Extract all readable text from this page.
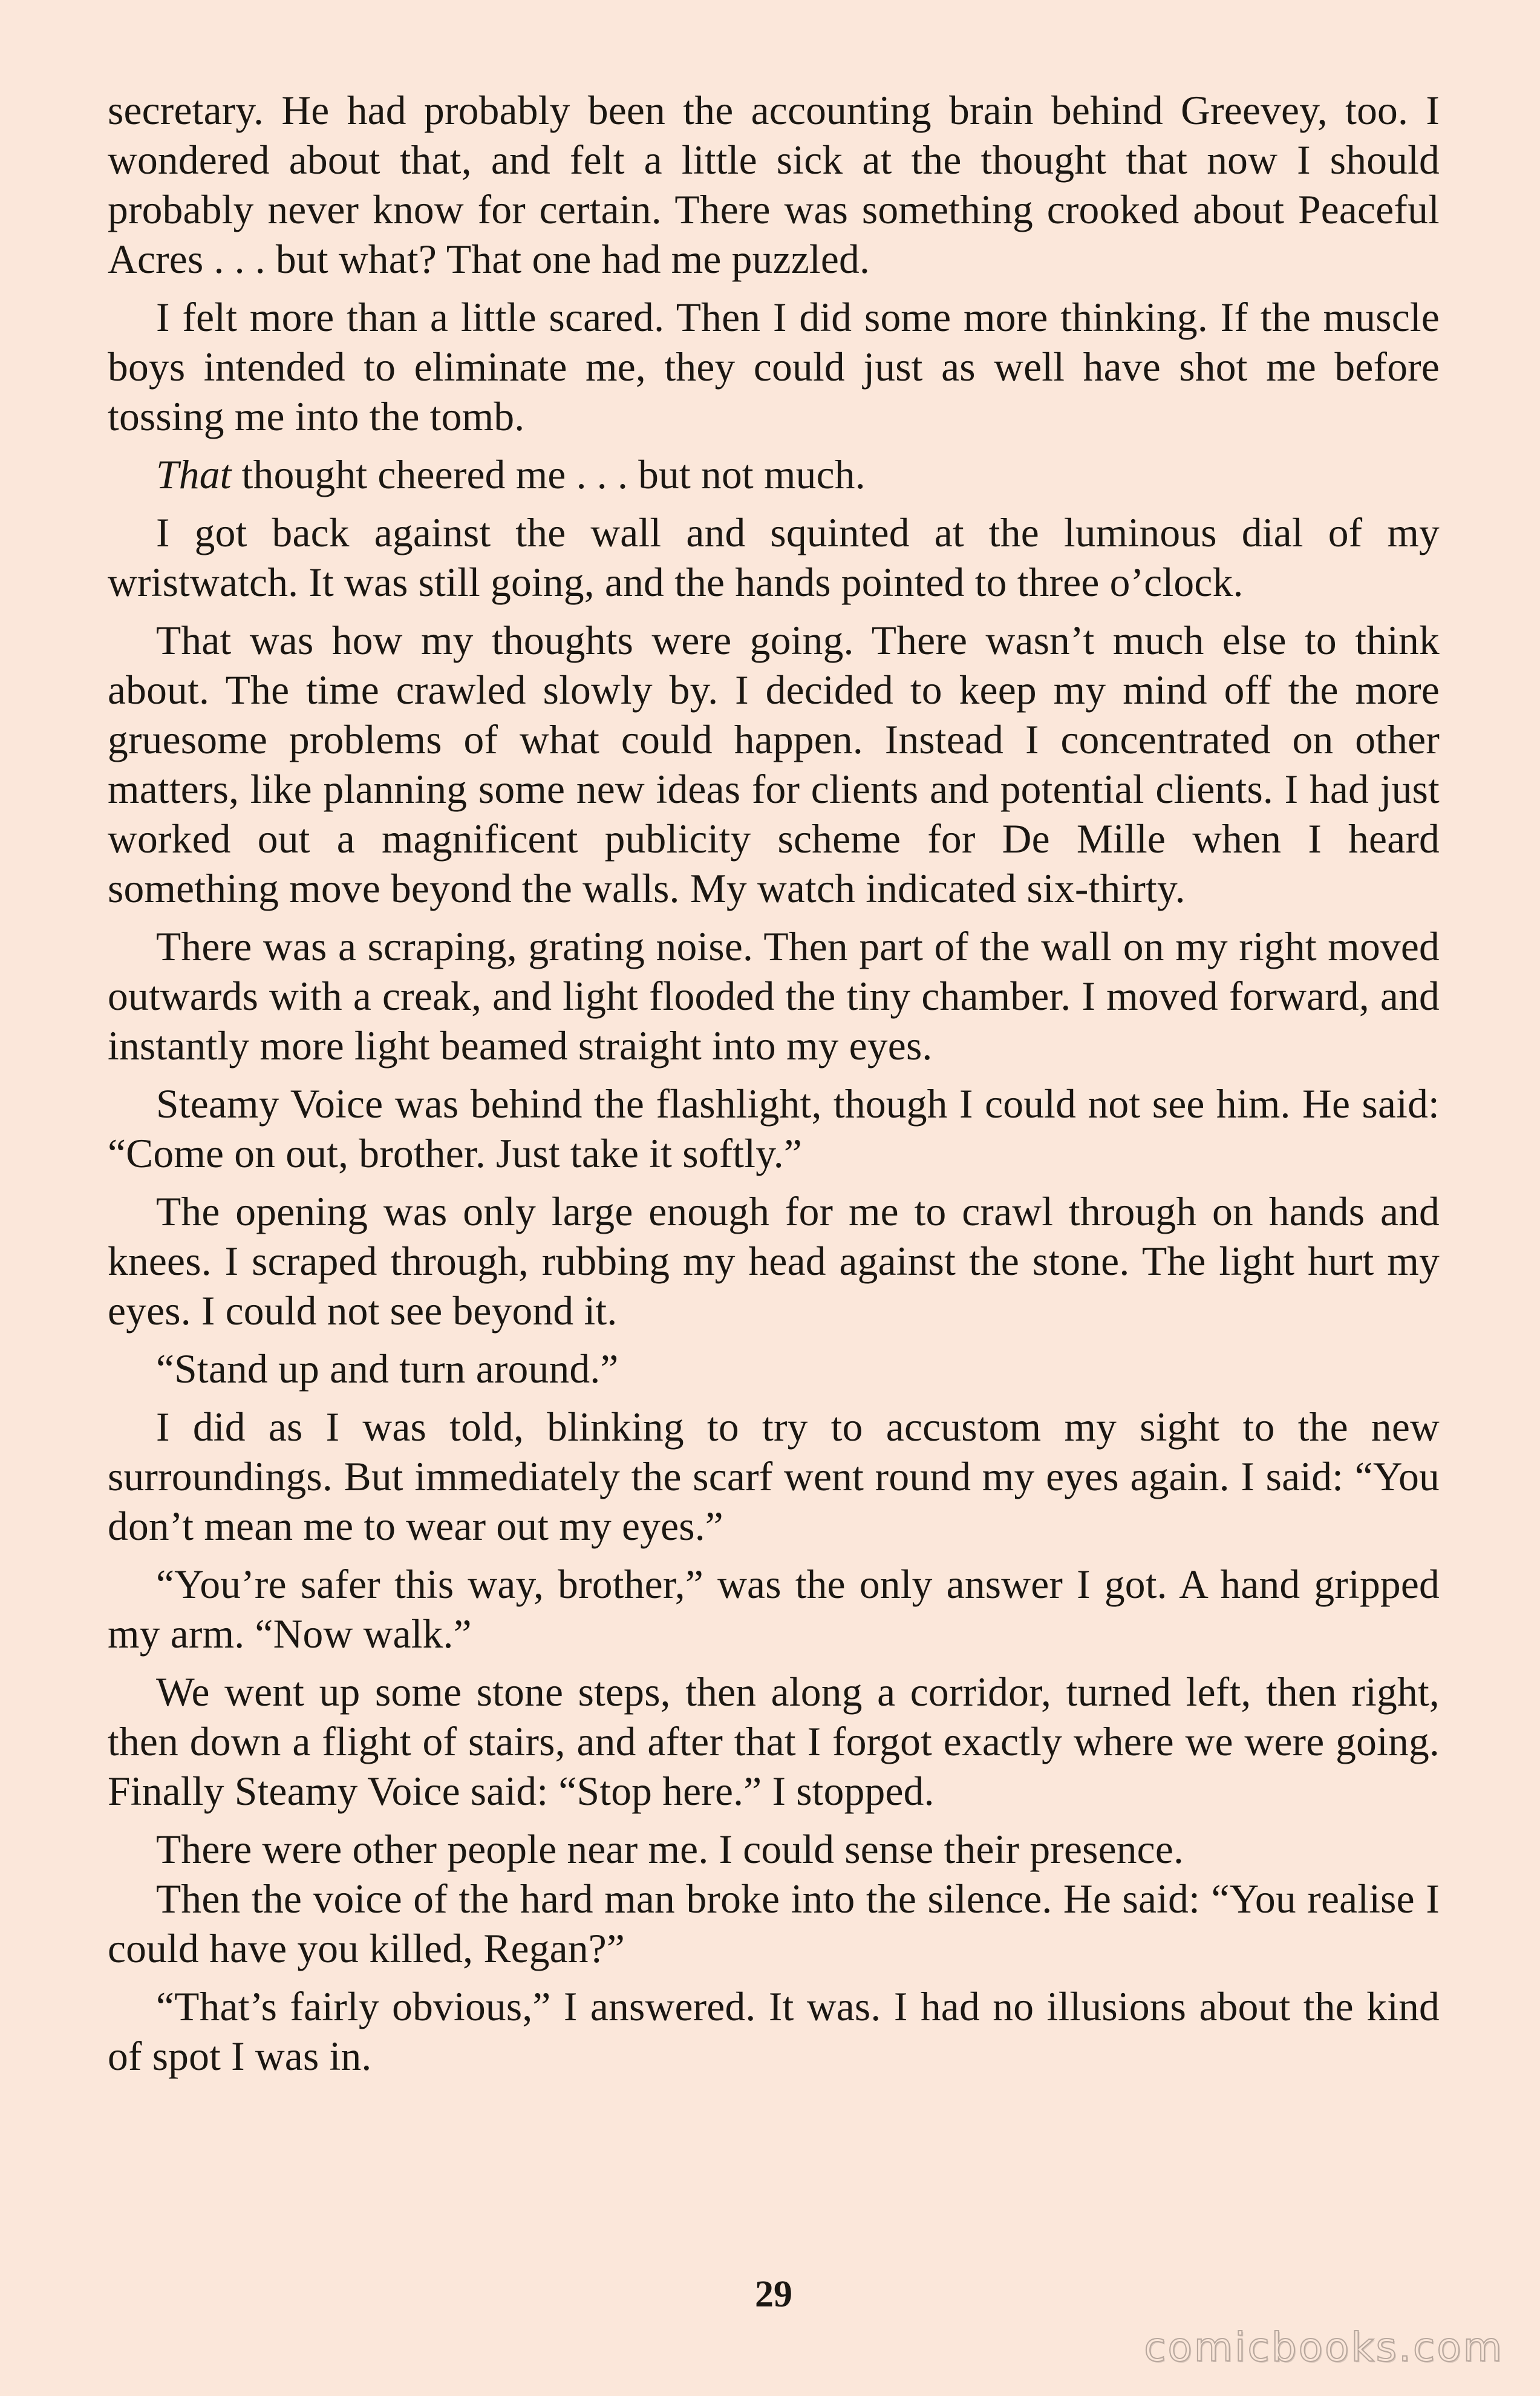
secretary. He had probably been the accounting brain behind Greevey, too. I wondered about that, and felt a little sick at the thought that now I should probably never know for certain. There was something crooked about Peaceful Acres . . . but what? That one had me puzzled.

I felt more than a little scared. Then I did some more thinking. If the muscle boys intended to eliminate me, they could just as well have shot me before tossing me into the tomb.

That thought cheered me . . . but not much.

I got back against the wall and squinted at the luminous dial of my wristwatch. It was still going, and the hands pointed to three o’clock.

That was how my thoughts were going. There wasn’t much else to think about. The time crawled slowly by. I decided to keep my mind off the more gruesome problems of what could happen. Instead I concentrated on other matters, like planning some new ideas for clients and potential clients. I had just worked out a magnificent publicity scheme for De Mille when I heard something move beyond the walls. My watch indicated six-thirty.

There was a scraping, grating noise. Then part of the wall on my right moved outwards with a creak, and light flooded the tiny chamber. I moved forward, and instantly more light beamed straight into my eyes.

Steamy Voice was behind the flashlight, though I could not see him. He said: “Come on out, brother. Just take it softly.”

The opening was only large enough for me to crawl through on hands and knees. I scraped through, rubbing my head against the stone. The light hurt my eyes. I could not see beyond it.

“Stand up and turn around.”

I did as I was told, blinking to try to accustom my sight to the new surroundings. But immediately the scarf went round my eyes again. I said: “You don’t mean me to wear out my eyes.”

“You’re safer this way, brother,” was the only answer I got. A hand gripped my arm. “Now walk.”

We went up some stone steps, then along a corridor, turned left, then right, then down a flight of stairs, and after that I forgot exactly where we were going. Finally Steamy Voice said: “Stop here.” I stopped.

There were other people near me. I could sense their presence.

Then the voice of the hard man broke into the silence. He said: “You realise I could have you killed, Regan?”

“That’s fairly obvious,” I answered. It was. I had no illusions about the kind of spot I was in.

29
comicbooks.com
